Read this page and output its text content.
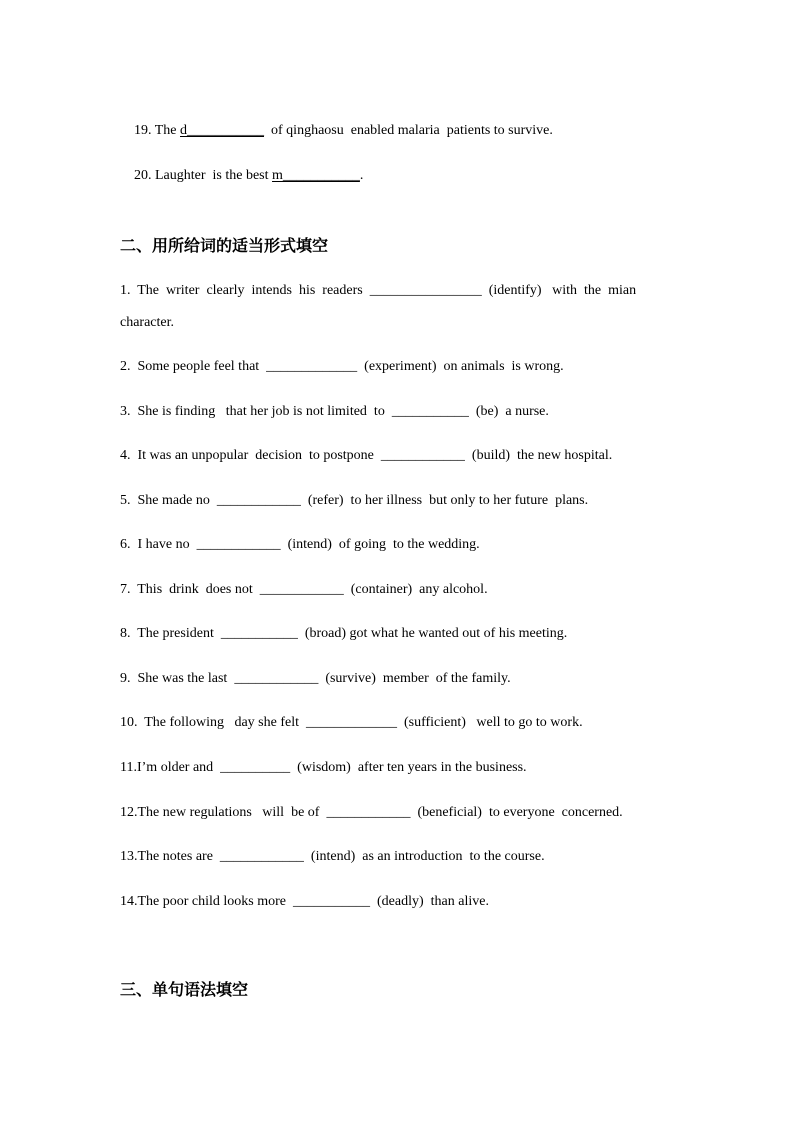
19. The d___________  of qinghaosu  enabled malaria  patients to survive.

20. Laughter  is the best m___________.

二、用所给词的适当形式填空
1.  The  writer  clearly  intends  his  readers  ________________  (identify)   with  the  mian
character.
2.  Some people feel that  _____________  (experiment)  on animals  is wrong.
3.  She is finding   that her job is not limited  to  ___________  (be)  a nurse.
4.  It was an unpopular  decision  to postpone  ____________  (build)  the new hospital.
5.  She made no  ____________  (refer)  to her illness  but only to her future  plans.
6.  I have no  ____________  (intend)  of going  to the wedding.
7.  This  drink  does not  ____________  (container)  any alcohol.
8.  The president  ___________  (broad) got what he wanted out of his meeting.
9.  She was the last  ____________  (survive)  member  of the family.
10.  The following   day she felt  _____________  (sufficient)   well to go to work.
11.I’m older and  __________  (wisdom)  after ten years in the business.
12.The new regulations   will  be of  ____________  (beneficial)  to everyone  concerned.
13.The notes are  ____________  (intend)  as an introduction  to the course.
14.The poor child looks more  ___________  (deadly)  than alive.
三、单句语法填空
